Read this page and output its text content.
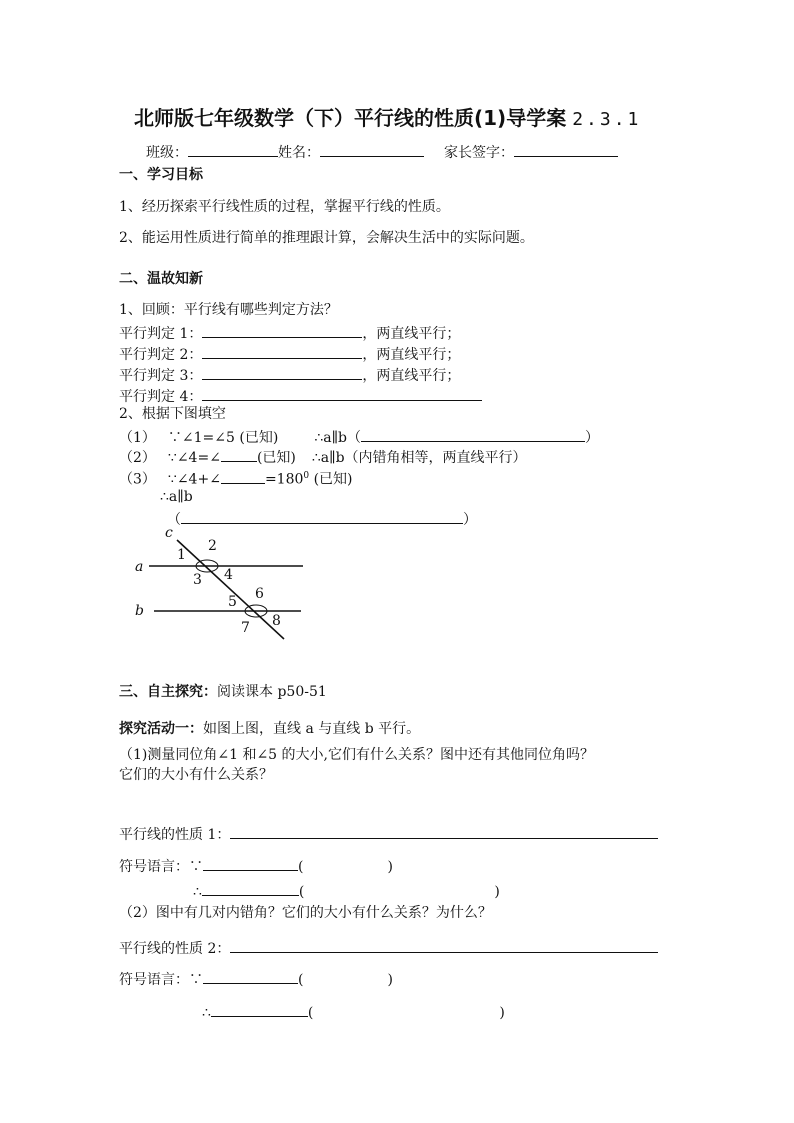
北师版七年级数学（下）平行线的性质(1)导学案 2.3.1
班级：	姓名：	家长签字：
一、学习目标
1、经历探索平行线性质的过程，掌握平行线的性质。
2、能运用性质进行简单的推理跟计算，会解决生活中的实际问题。
二、温故知新
1、回顾：平行线有哪些判定方法？
平行判定 1：	，两直线平行；
平行判定 2：	，两直线平行；
平行判定 3：	，两直线平行；
平行判定 4：
2、根据下图填空
（1） ∵∠1=∠5 (已知)	∴a∥b（	）
（2） ∵∠4=∠	(已知) ∴a∥b（内错角相等，两直线平行）
（3） ∵∠4+∠	$=180^0$ (已知)
∴a∥b
（	）
c
a
b
1
2
3 4
5 6
7 8
三、自主探究：阅读课本 p50-51
探究活动一：如图上图，直线 a 与直线 b 平行。
（1)测量同位角∠1 和∠5 的大小,它们有什么关系？图中还有其他同位角吗？
它们的大小有什么关系？
平行线的性质 1：
符号语言：∵	(	)
∴	(	)
（2）图中有几对内错角？它们的大小有什么关系？为什么？
平行线的性质 2：
符号语言：∵	(	)
∴	(	)
